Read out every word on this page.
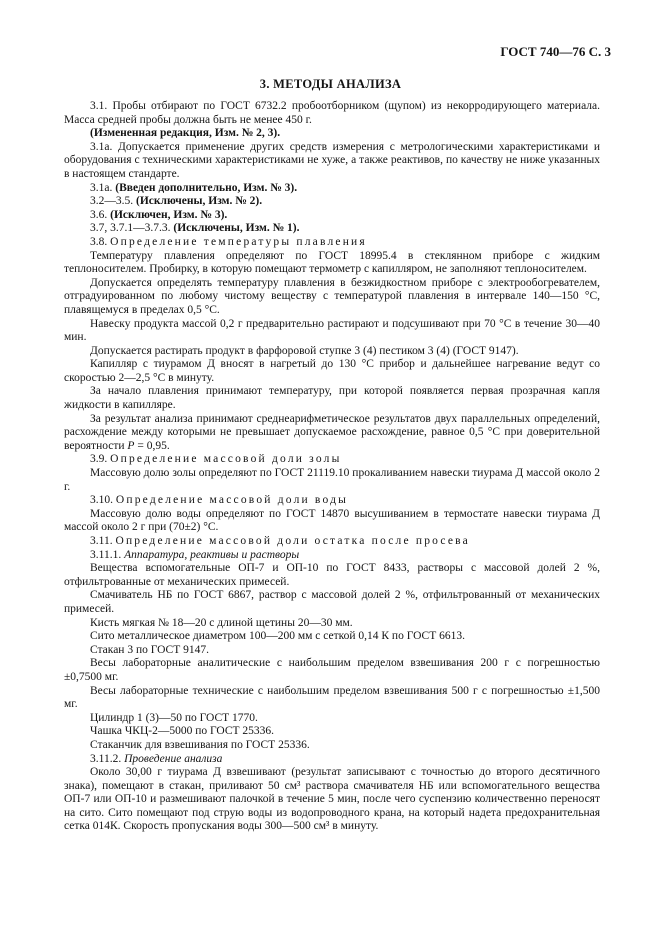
ГОСТ 740—76 С. 3
3. МЕТОДЫ АНАЛИЗА

3.1. Пробы отбирают по ГОСТ 6732.2 пробоотборником (щупом) из некорродирующего материала. Масса средней пробы должна быть не менее 450 г.

(Измененная редакция, Изм. № 2, 3).

3.1а. Допускается применение других средств измерения с метрологическими характеристиками и оборудования с техническими характеристиками не хуже, а также реактивов, по качеству не ниже указанных в настоящем стандарте.

3.1а. (Введен дополнительно, Изм. № 3).

3.2—3.5. (Исключены, Изм. № 2).

3.6. (Исключен, Изм. № 3).

3.7, 3.7.1—3.7.3. (Исключены, Изм. № 1).

3.8. Определение температуры плавления

Температуру плавления определяют по ГОСТ 18995.4 в стеклянном приборе с жидким теплоносителем. Пробирку, в которую помещают термометр с капилляром, не заполняют теплоносителем.

Допускается определять температуру плавления в безжидкостном приборе с электрообогревателем, отградуированном по любому чистому веществу с температурой плавления в интервале 140—150 °С, плавящемуся в пределах 0,5 °С.

Навеску продукта массой 0,2 г предварительно растирают и подсушивают при 70 °С в течение 30—40 мин.

Допускается растирать продукт в фарфоровой ступке 3 (4) пестиком 3 (4) (ГОСТ 9147).

Капилляр с тиурамом Д вносят в нагретый до 130 °С прибор и дальнейшее нагревание ведут со скоростью 2—2,5 °С в минуту.

За начало плавления принимают температуру, при которой появляется первая прозрачная капля жидкости в капилляре.

За результат анализа принимают среднеарифметическое результатов двух параллельных определений, расхождение между которыми не превышает допускаемое расхождение, равное 0,5 °С при доверительной вероятности Р = 0,95.

3.9. Определение массовой доли золы

Массовую долю золы определяют по ГОСТ 21119.10 прокаливанием навески тиурама Д массой около 2 г.

3.10. Определение массовой доли воды

Массовую долю воды определяют по ГОСТ 14870 высушиванием в термостате навески тиурама Д массой около 2 г при (70±2) °С.

3.11. Определение массовой доли остатка после просева

3.11.1. Аппаратура, реактивы и растворы

Вещества вспомогательные ОП-7 и ОП-10 по ГОСТ 8433, растворы с массовой долей 2 %, отфильтрованные от механических примесей.

Смачиватель НБ по ГОСТ 6867, раствор с массовой долей 2 %, отфильтрованный от механических примесей.

Кисть мягкая № 18—20 с длиной щетины 20—30 мм.

Сито металлическое диаметром 100—200 мм с сеткой 0,14 К по ГОСТ 6613.

Стакан 3 по ГОСТ 9147.

Весы лабораторные аналитические с наибольшим пределом взвешивания 200 г с погрешностью ±0,7500 мг.

Весы лабораторные технические с наибольшим пределом взвешивания 500 г с погрешностью ±1,500 мг.

Цилиндр 1 (3)—50 по ГОСТ 1770.

Чашка ЧКЦ-2—5000 по ГОСТ 25336.

Стаканчик для взвешивания по ГОСТ 25336.

3.11.2. Проведение анализа

Около 30,00 г тиурама Д взвешивают (результат записывают с точностью до второго десятичного знака), помещают в стакан, приливают 50 см³ раствора смачивателя НБ или вспомогательного вещества ОП-7 или ОП-10 и размешивают палочкой в течение 5 мин, после чего суспензию количественно переносят на сито. Сито помещают под струю воды из водопроводного крана, на который надета предохранительная сетка 014К. Скорость пропускания воды 300—500 см³ в минуту.
